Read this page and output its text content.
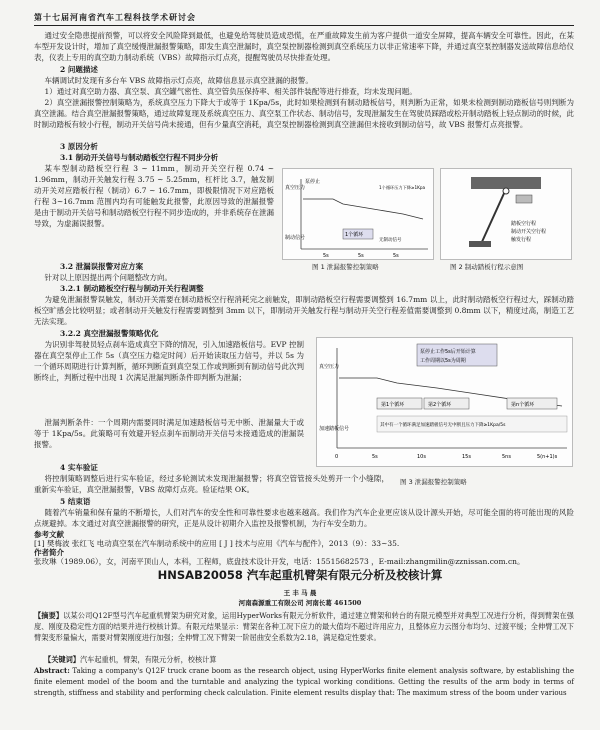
第十七届河南省汽车工程科技学术研讨会
通过安全隐患提前预警，可以将安全风险降到最低，也避免给驾驶员造成恐慌，在严重故障发生前为客户提供一道安全屏障，提高车辆安全可靠性。因此，在某车型开发设计时，增加了真空缓慢泄漏报警策略，即发生真空泄漏时，真空泵控制器检测到真空系统压力以非正常速率下降，并通过真空泵控制器发送故障信息给仪表，仪表上专用的真空助力制动系统（VBS）故障指示灯点亮，提醒驾驶员尽快排查处理。
2 问题描述
车辆调试时发现有多台车 VBS 故障指示灯点亮，故障信息显示真空泄漏的报警。
1）通过对真空助力器、真空泵、真空罐气密性、真空管负压保持率、相关部件装配等进行排查，均未发现问题。
2）真空泄漏报警控制策略为，系统真空压力下降大于或等于 1Kpa/5s，此时如果检测到有制动踏板信号，则判断为正常，如果未检测到制动踏板信号则判断为真空泄漏。结合真空泄漏报警策略，通过故障复现及系统真空压力、真空泵工作状态、制动信号，发现泄漏发生在驾驶员踩踏或松开制动踏板上轻点制动的时候，此时制动踏板有较小行程，制动开关信号尚未接通，但有少量真空消耗，真空泵控制器检测到真空泄漏但未接收到制动信号，故 VBS 报警灯点亮报警。
3 原因分析
3.1 制动开关信号与制动踏板空行程不同步分析
某车型制动踏板空行程 3 ~ 11mm，制动开关空行程 0.74 ~ 1.96mm，制动开关触发行程 3.75 ~ 5.25mm，杠杆比 3.7，触发制动开关对应踏板行程（制动）6.7 ~ 16.7mm，即极限情况下对应踏板行程 3~16.7mm 范围内均有可能触发此报警，此原因导致的泄漏报警是由于制动开关信号和制动踏板空行程不同步造成的，并非系统存在泄漏导致，为虚漏误报警。
真空压力
制动信号
泵停止
1个循环
1个循环压力下降≥1Kpa
无制动信号
5s	5s	5s
图 1 泄漏报警控制策略
踏板空行程
制动开关空行程
触发行程
图 2 制动踏板行程示意图
3.2 泄漏误报警对应方案
针对以上原因提出两个问题整改方向。
3.2.1 制动踏板空行程与制动开关行程调整
为避免泄漏报警误触发，制动开关需要在制动踏板空行程消耗完之前触发，即制动踏板空行程需要调整到 16.7mm 以上，此时制动踏板空行程过大，踩制动踏板空旷感会比较明显；或者制动开关触发行程需要调整到 3mm 以下，即制动开关触发行程与制动开关空行程差值需要调整到 0.8mm 以下，精度过高，制造工艺无法实现。
3.2.2 真空泄漏报警策略优化
为识别非驾驶员轻点刹车造成真空下降的情况，引入加速踏板信号。EVP 控制器在真空泵停止工作 5s（真空压力稳定时间）后开始读取压力信号，并以 5s 为一个循环周期进行计算判断，循环判断直到真空泵工作或判断到有制动信号此次判断终止，判断过程中出现 1 次满足泄漏判断条件即判断为泄漏；
泄漏判断条件：一个周期内需要同时满足加速踏板信号无中断、泄漏量大于或等于 1Kpa/5s。此策略可有效避开轻点刹车而制动开关信号未接通造成的泄漏误报警。
真空压力
加速踏板信号
泵停止工作5s后开始计算
工作周期以5s为周期
第1个循环	第2个循环	第n个循环
其中有一个循环满足加速踏板信号无中断且压力下降≥1Kpa/5s
0	5s	10s	15s	5ns	5(n+1)s
图 3 泄漏报警控制策略
4 实车验证
将控制策略调整后进行实车验证，经过多轮测试未发现泄漏报警；将真空管管接头处剪开一个小缝隙，重新实车验证，真空泄漏报警，VBS 故障灯点亮。验证结果 OK。
5 结束语
随着汽车销量和保有量的不断增长，人们对汽车的安全性和可靠性要求也越来越高。我们作为汽车企业更应该从设计源头开始，尽可能全面的将可能出现的风险点规避掉。本文通过对真空泄漏报警的研究，正是从设计初期介入监控及报警机制，为行车安全助力。
参考文献
[1] 樊梅波 张红飞 电动真空泵在汽车制动系统中的应用 [ J ] 技术与应用《汽车与配件》，2013（9）：33~35.
作者简介
张玫琳（1989.06），女，河南平顶山人，本科，工程师，底盘技术设计开发，电话：15515682573 ，E-mail:zhangmilin@zznissan.com.cn。
HNSAB20058 汽车起重机臂架有限元分析及校核计算
王 丰 马 晨
河南森源重工有限公司 河南长葛 461500
【摘要】以某公司Q12F型号汽车起重机臂架为研究对象，运用HyperWorks有限元分析软件，通过建立臂架和转台的有限元模型并对典型工况进行分析，得到臂架在强度、刚度及稳定性方面的结果并进行校核计算。有限元结果显示：臂架在各种工况下应力的最大值均不超过许用应力，且整体应力云图分布均匀、过渡平缓；全伸臂工况下臂架变形量偏大，需要对臂架刚度进行加强；全伸臂工况下臂架一阶屈曲安全系数为2.18，满足稳定性要求。
【关键词】汽车起重机，臂架，有限元分析，校核计算
Abstract: Taking a company's Q12F truck crane boom as the research object, using HyperWorks finite element analysis software, by establishing the finite element model of the boom and the turntable and analyzing the typical working conditions. Getting the results of the arm body in terms of strength, stiffness and stability and performing check calculation. Finite element results display that: The maximum stress of the boom under various
